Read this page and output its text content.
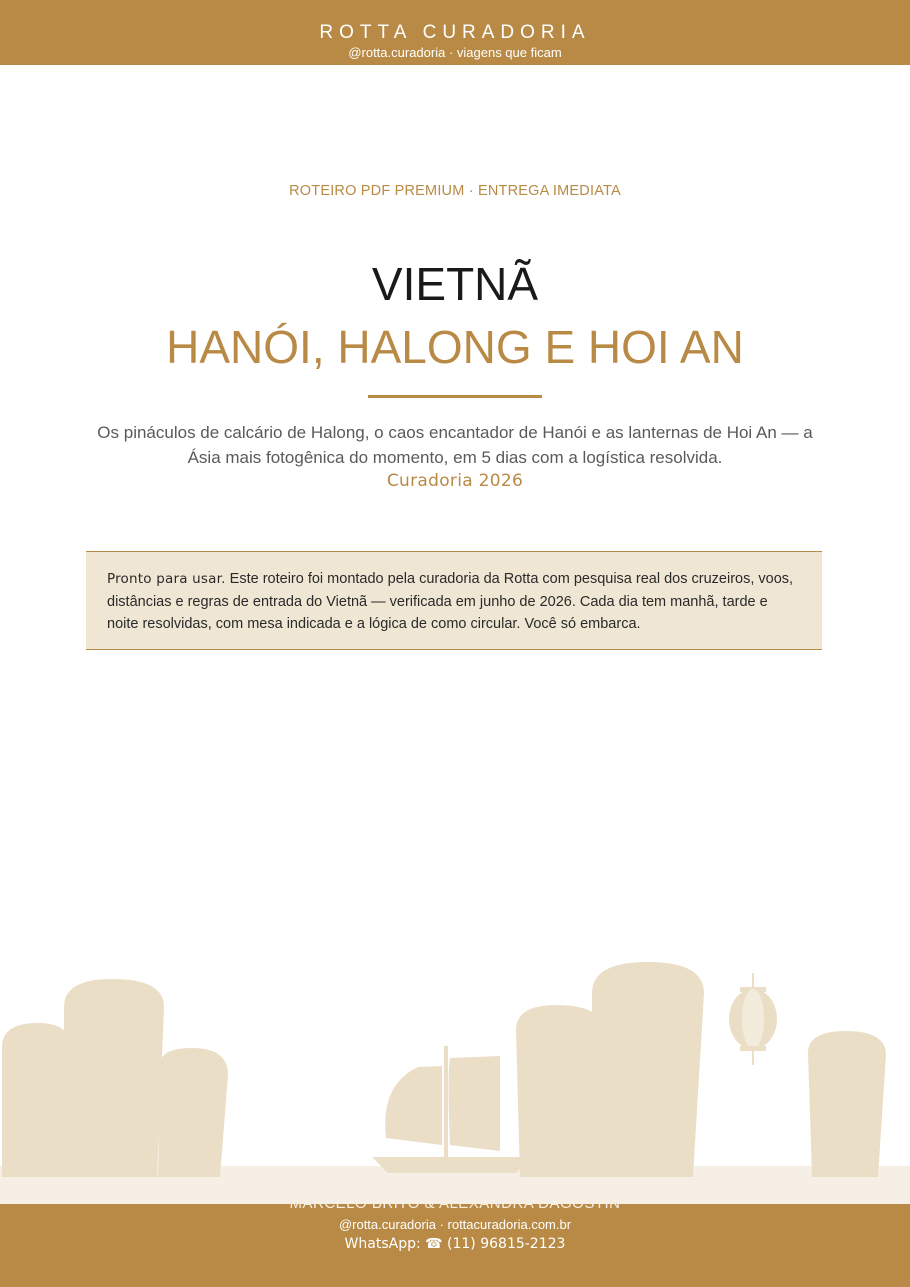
ROTTA CURADORIA
@rotta.curadoria · viagens que ficam
ROTEIRO PDF PREMIUM · ENTREGA IMEDIATA
VIETNÃ
HANÓI, HALONG E HOI AN
Os pináculos de calcário de Halong, o caos encantador de Hanói e as lanternas de Hoi An — a Ásia mais fotogênica do momento, em 5 dias com a logística resolvida.
Curadoria 2026
Pronto para usar. Este roteiro foi montado pela curadoria da Rotta com pesquisa real dos cruzeiros, voos, distâncias e regras de entrada do Vietnã — verificada em junho de 2026. Cada dia tem manhã, tarde e noite resolvidas, com mesa indicada e a lógica de como circular. Você só embarca.
MARCELO BRITO & ALEXANDRA DAGOSTIN
@rotta.curadoria · rottacuradoria.com.br
WhatsApp: ☎ (11) 96815-2123
